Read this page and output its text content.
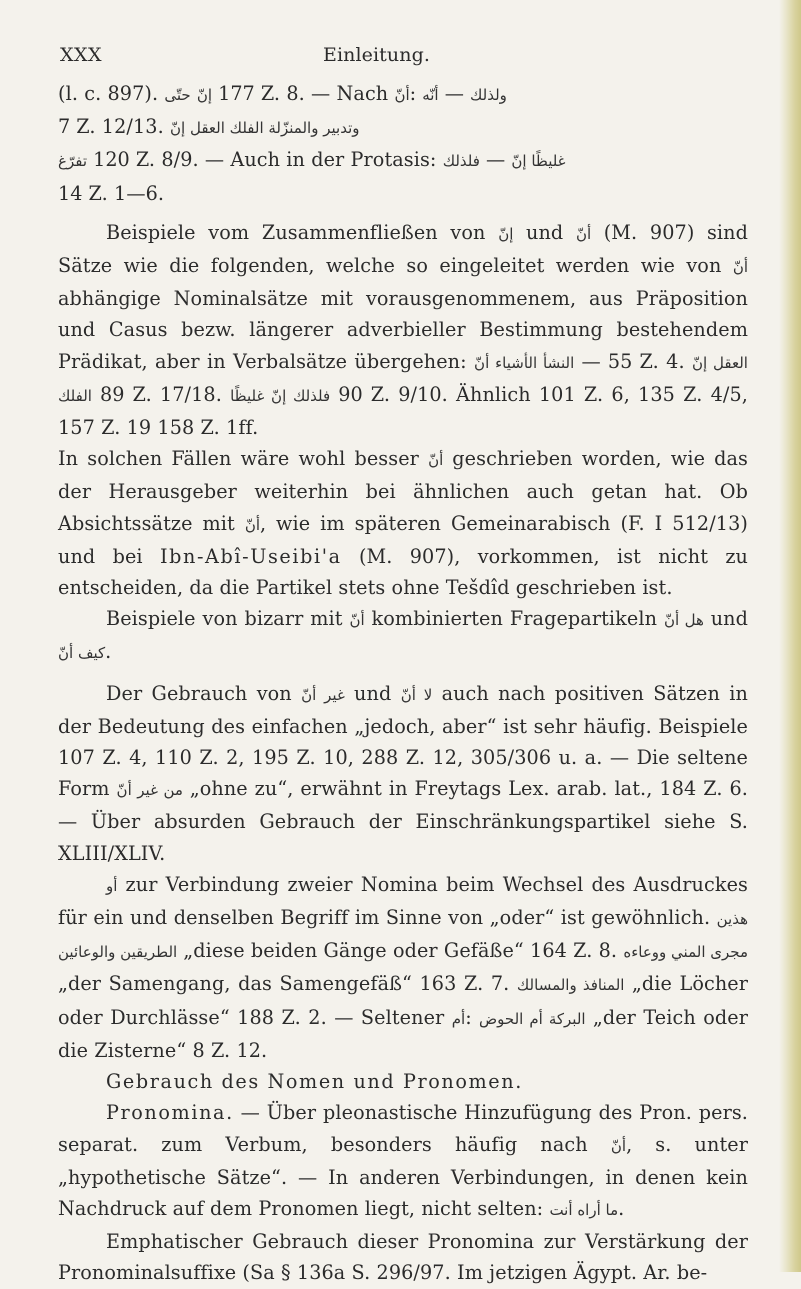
XXX	Einleitung.

(l. c. 897). حتّى إنّ 177 Z. 8. — Nach أنّ: أنّه — ولذلك
7 Z. 12/13.	وتدبير والمنزّلة الفلك العقل إنّ
تفرّغ 120 Z. 8/9. — Auch in der Protasis: فلذلك — غليظًا إنّ
14 Z. 1—6.

Beispiele vom Zusammenfließen von إنّ und أنّ (M. 907) sind Sätze wie die folgenden, welche so eingeleitet werden wie von أنّ abhängige Nominalsätze mit vorausgenommenem, aus Präposition und Casus bezw. längerer adverbieller Bestimmung bestehendem Prädikat, aber in Verbalsätze übergehen:	النشأ الأشياء أنّ	— 55 Z. 4. العقل إنّ الفلك 89 Z. 17/18.	فلذلك إنّ غليظًا	90 Z. 9/10. Ähnlich 101 Z. 6, 135 Z. 4/5, 157 Z. 19 158 Z. 1ff.
In solchen Fällen wäre wohl besser أنّ geschrieben worden, wie das der Herausgeber weiterhin bei ähnlichen auch getan hat. Ob Absichtssätze mit أنّ, wie im späteren Gemeinarabisch (F. I 512/13) und bei Ibn-Abî-Useibi'a (M. 907), vorkommen, ist nicht zu entscheiden, da die Partikel stets ohne Tešdîd geschrieben ist.

Beispiele von bizarr mit أنّ kombinierten Fragepartikeln هل أنّ und كيف أنّ .

Der Gebrauch von غير أنّ und لا أنّ auch nach positiven Sätzen in der Bedeutung des einfachen „jedoch, aber“ ist sehr häufig. Beispiele 107 Z. 4, 110 Z. 2, 195 Z. 10, 288 Z. 12, 305/306 u. a. — Die seltene Form	من غير أنّ	„ohne zu“, erwähnt in Freytags Lex. arab. lat., 184 Z. 6. — Über absurden Gebrauch der Einschränkungspartikel siehe S. XLIII/XLIV.

أو zur Verbindung zweier Nomina beim Wechsel des Ausdruckes für ein und denselben Begriff im Sinne von „oder“ ist gewöhnlich. هذين الطريقين والوعائين	„diese beiden Gänge oder Gefäße“ 164 Z. 8.	مجرى المني ووعاءه „der Samengang, das Samengefäß“ 163 Z. 7.	المنافذ والمسالك	„die Löcher oder Durchlässe“ 188 Z. 2. — Seltener أم:	البركة أم الحوض	„der Teich oder die Zisterne“ 8 Z. 12.

Gebrauch des Nomen und Pronomen.

Pronomina. — Über pleonastische Hinzufügung des Pron. pers. separat. zum Verbum, besonders häufig nach أنّ, s. unter „hypothetische Sätze“. — In anderen Verbindungen, in denen kein Nachdruck auf dem Pronomen liegt, nicht selten:	ما أراه أنت .

Emphatischer Gebrauch dieser Pronomina zur Verstärkung der Pronominalsuffixe (Sa § 136a S. 296/97. Im jetzigen Ägypt. Ar. be-
